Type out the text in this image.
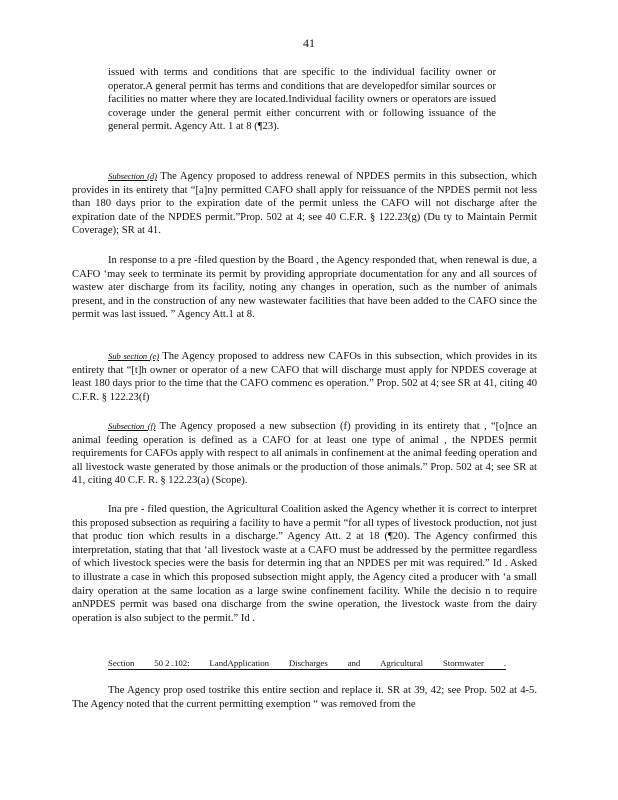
41

issued with terms and conditions that are specific to the individual facility owner or operator.A general permit has terms and conditions that are developedfor similar sources or facilities no matter where they are located.Individual facility owners or operators are issued coverage under the general permit either concurrent with or following issuance of the general permit. Agency Att. 1 at 8 (¶23).

Subsection (d) The Agency proposed to address renewal of NPDES permits in this subsection, which provides in its entirety that “[a]ny permitted CAFO shall apply for reissuance of the NPDES permit not less than 180 days prior to the expiration date of the permit unless the CAFO will not discharge after the expiration date of the NPDES permit.”Prop. 502 at 4; see 40 C.F.R. § 122.23(g) (Du ty to Maintain Permit Coverage); SR at 41.

In response to a pre -filed question by the Board , the Agency responded that, when renewal is due, a CAFO ‘may seek to terminate its permit by providing appropriate documentation for any and all sources of wastew ater discharge from its facility, noting any changes in operation, such as the number of animals present, and in the construction of any new wastewater facilities that have been added to the CAFO since the permit was last issued. ” Agency Att.1 at 8.

Sub section (e) The Agency proposed to address new CAFOs in this subsection, which provides in its entirety that “[t]h owner or operator of a new CAFO that will discharge must apply for NPDES coverage at least 180 days prior to the time that the CAFO commenc es operation.” Prop. 502 at 4; see SR at 41, citing 40 C.F.R. § 122.23(f)

Subsection (f) The Agency proposed a new subsection (f) providing in its entirety that , “[o]nce an animal feeding operation is defined as a CAFO for at least one type of animal , the NPDES permit requirements for CAFOs apply with respect to all animals in confinement at the animal feeding operation and all livestock waste generated by those animals or the production of those animals.” Prop. 502 at 4; see SR at 41, citing 40 C.F. R. § 122.23(a) (Scope).

Ina pre - filed question, the Agricultural Coalition asked the Agency whether it is correct to interpret this proposed subsection as requiring a facility to have a permit “for all types of livestock production, not just that produc tion which results in a discharge.” Agency Att. 2 at 18 (¶20). The Agency confirmed this interpretation, stating that that ‘all livestock waste at a CAFO must be addressed by the permittee regardless of which livestock species were the basis for determin ing that an NPDES per mit was required.” Id . Asked to illustrate a case in which this proposed subsection might apply, the Agency cited a producer with ‘a small dairy operation at the same location as a large swine confinement facility. While the decisio n to require anNPDES permit was based ona discharge from the swine operation, the livestock waste from the dairy operation is also subject to the permit.” Id .

Section 50 2 .102: LandApplication Discharges and Agricultural Stormwater .

The Agency prop osed tostrike this entire section and replace it. SR at 39, 42; see Prop. 502 at 4-5. The Agency noted that the current permitting exemption “ was removed from the
